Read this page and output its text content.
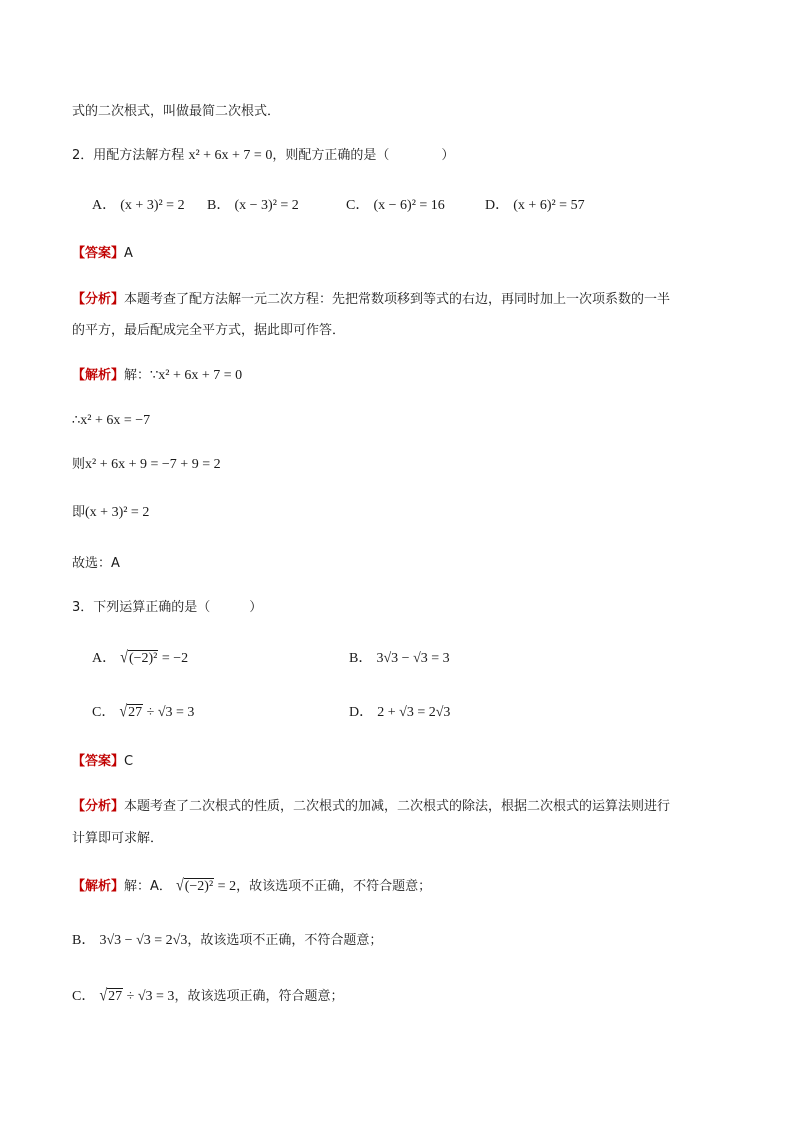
式的二次根式，叫做最简二次根式．
2．用配方法解方程 x² + 6x + 7 = 0，则配方正确的是（　　　　）
A． (x + 3)² = 2 B． (x − 3)² = 2	C． (x − 6)² = 16	D． (x + 6)² = 57
【答案】A
【分析】本题考查了配方法解一元二次方程：先把常数项移到等式的右边，再同时加上一次项系数的一半
的平方，最后配成完全平方式，据此即可作答．
【解析】解：∵x² + 6x + 7 = 0
∴x² + 6x = −7
则x² + 6x + 9 = −7 + 9 = 2
即(x + 3)² = 2
故选：A
3．下列运算正确的是（　　　）
A． √(−2)² = −2	B． 3√3 − √3 = 3
C． √27 ÷ √3 = 3	D． 2 + √3 = 2√3
【答案】C
【分析】本题考查了二次根式的性质，二次根式的加减，二次根式的除法，根据二次根式的运算法则进行
计算即可求解．
【解析】解：A． √(−2)² = 2，故该选项不正确，不符合题意；
B． 3√3 − √3 = 2√3，故该选项不正确，不符合题意；
C． √27 ÷ √3 = 3，故该选项正确，符合题意；
